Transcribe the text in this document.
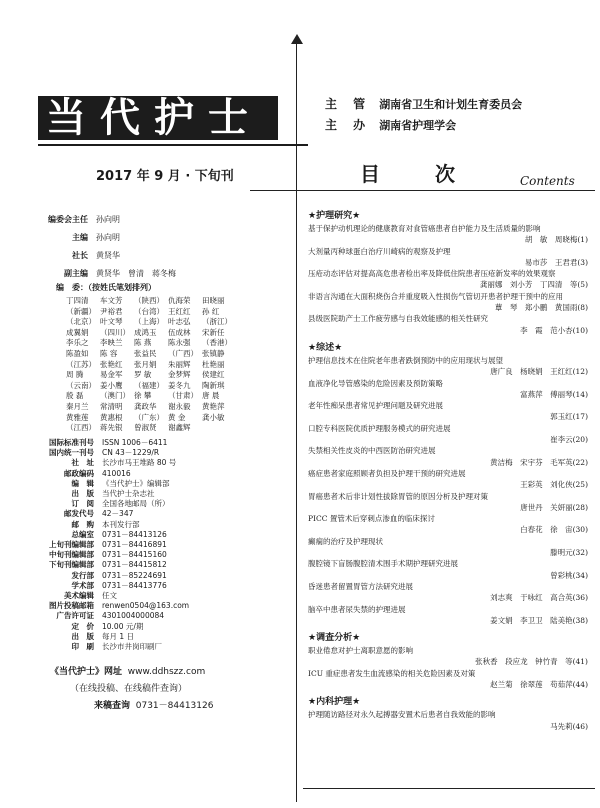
当代护士	主 管 湖南省卫生和计划生育委员会
主 办 湖南省护理学会
2017 年 9 月 · 下旬刊	目 次	Contents
编委会主任 孙向明
主编 孙向明
社长 黄贤华
副主编 黄贤华　曾清　蒋冬梅
编　委：（按姓氏笔划排列）
丁四清	车文芳	（陕西） 仇海荣	田晓丽
（新疆） 尹裕君	（台湾） 王红红	孙 红
（北京） 叶文琴	（上海） 叶志弘	（浙江）
成翼娟	（四川） 成鸿玉	伍成林	宋新任
李乐之	李映兰	陈 燕	陈永强	（香港）
陈盈如	陈 容	张益民	（广西） 张镇静
（江苏） 张艳红	张月娟	朱丽辉	杜艳丽
周 腾	易金军	罗 敏	金梦辉	侯建红
（云南） 姜小鹰	（福建） 姜冬九	陶新琪
殷 磊	（澳门） 徐 攀	（甘肃） 唐 晨
秦月兰	常清明	龚政华	谢永毅	黄艳萍
黄雅莲	黄惠根	（广东） 黄 金	龚小敏
（江西） 蒋先银	曾淑贤	谢鑫辉
国际标准刊号 ISSN 1006－6411
国内统一刊号 CN 43－1229/R
社　址 长沙市马王堆路 80 号
邮政编码 410016
编　辑 《当代护士》编辑部
出　版 当代护士杂志社
订　阅 全国各地邮局（所）
邮发代号 42－347
邮　购 本刊发行部
总编室 0731－84413126
上旬刊编辑部 0731－84416891
中旬刊编辑部 0731－84415160
下旬刊编辑部 0731－84415812
发行部 0731－85224691
学术部 0731－84413776
美术编辑 任文
图片投稿邮箱 renwen0504@163.com
广告许可证 4301004000084
定　价 10.00 元/期
出　版 每月 1 日
印　刷 长沙市井岗印刷厂
《当代护士》网址 www.ddhszz.com
（在线投稿、在线稿件查询）
来稿查询 0731－84413126
★护理研究★
基于保护动机理论的健康教育对食管癌患者自护能力及生活质量的影响
胡　敏　周晓梅(1)
大剂量丙种球蛋白治疗川崎病的观察及护理
易市莎　王君君(3)
压疮动态评估对提高高危患者检出率及降低住院患者压疮新发率的效果观察
龚丽娜　刘小芳　丁四清　等(5)
非语言沟通在大面积烧伤合并重度吸入性损伤气管切开患者护理干预中的应用
蕈　琴　郑小鹏　黄国雨(8)
县级医院助产士工作疲劳感与自我效能感的相关性研究
李　霞　范小杏(10)
★综述★
护理信息技术在住院老年患者跌倒预防中的应用现状与展望
唐广良　杨晓娟　王红红(12)
血液净化导管感染的危险因素及预防策略
富燕萍　傅丽琴(14)
老年性痴呆患者常见护理问题及研究进展
郭玉红(17)
口腔专科医院优质护理服务模式的研究进展
崔李云(20)
失禁相关性皮炎的中西医防治研究进展
黄洁梅　宋宇芬　毛军英(22)
癌症患者家庭照顾者负担及护理干预的研究进展
王彩英　刘化侠(25)
胃癌患者术后非计划性拔除胃管的原因分析及护理对策
唐世丹　关妍丽(28)
PICC 置管术后穿刺点渗血的临床探讨
白春花　徐　宙(30)
癫痫的治疗及护理现状
滕明元(32)
腹腔镜下盲肠腹腔清术围手术期护理研究进展
曾彩桃(34)
昏迷患者留置胃管方法研究进展
刘志爽　于咏红　高合英(36)
脑卒中患者尿失禁的护理进展
姜文娟　李卫卫　陆美艳(38)
★调查分析★
职业倦怠对护士离职意愿的影响
张秋香　段应龙　钟竹青　等(41)
ICU 重症患者发生血流感染的相关危险因素及对策
赵兰菊　徐翠莲　苟茹萍(44)
★内科护理★
护理随访路径对永久起搏器安置术后患者自我效能的影响
马先莉(46)
